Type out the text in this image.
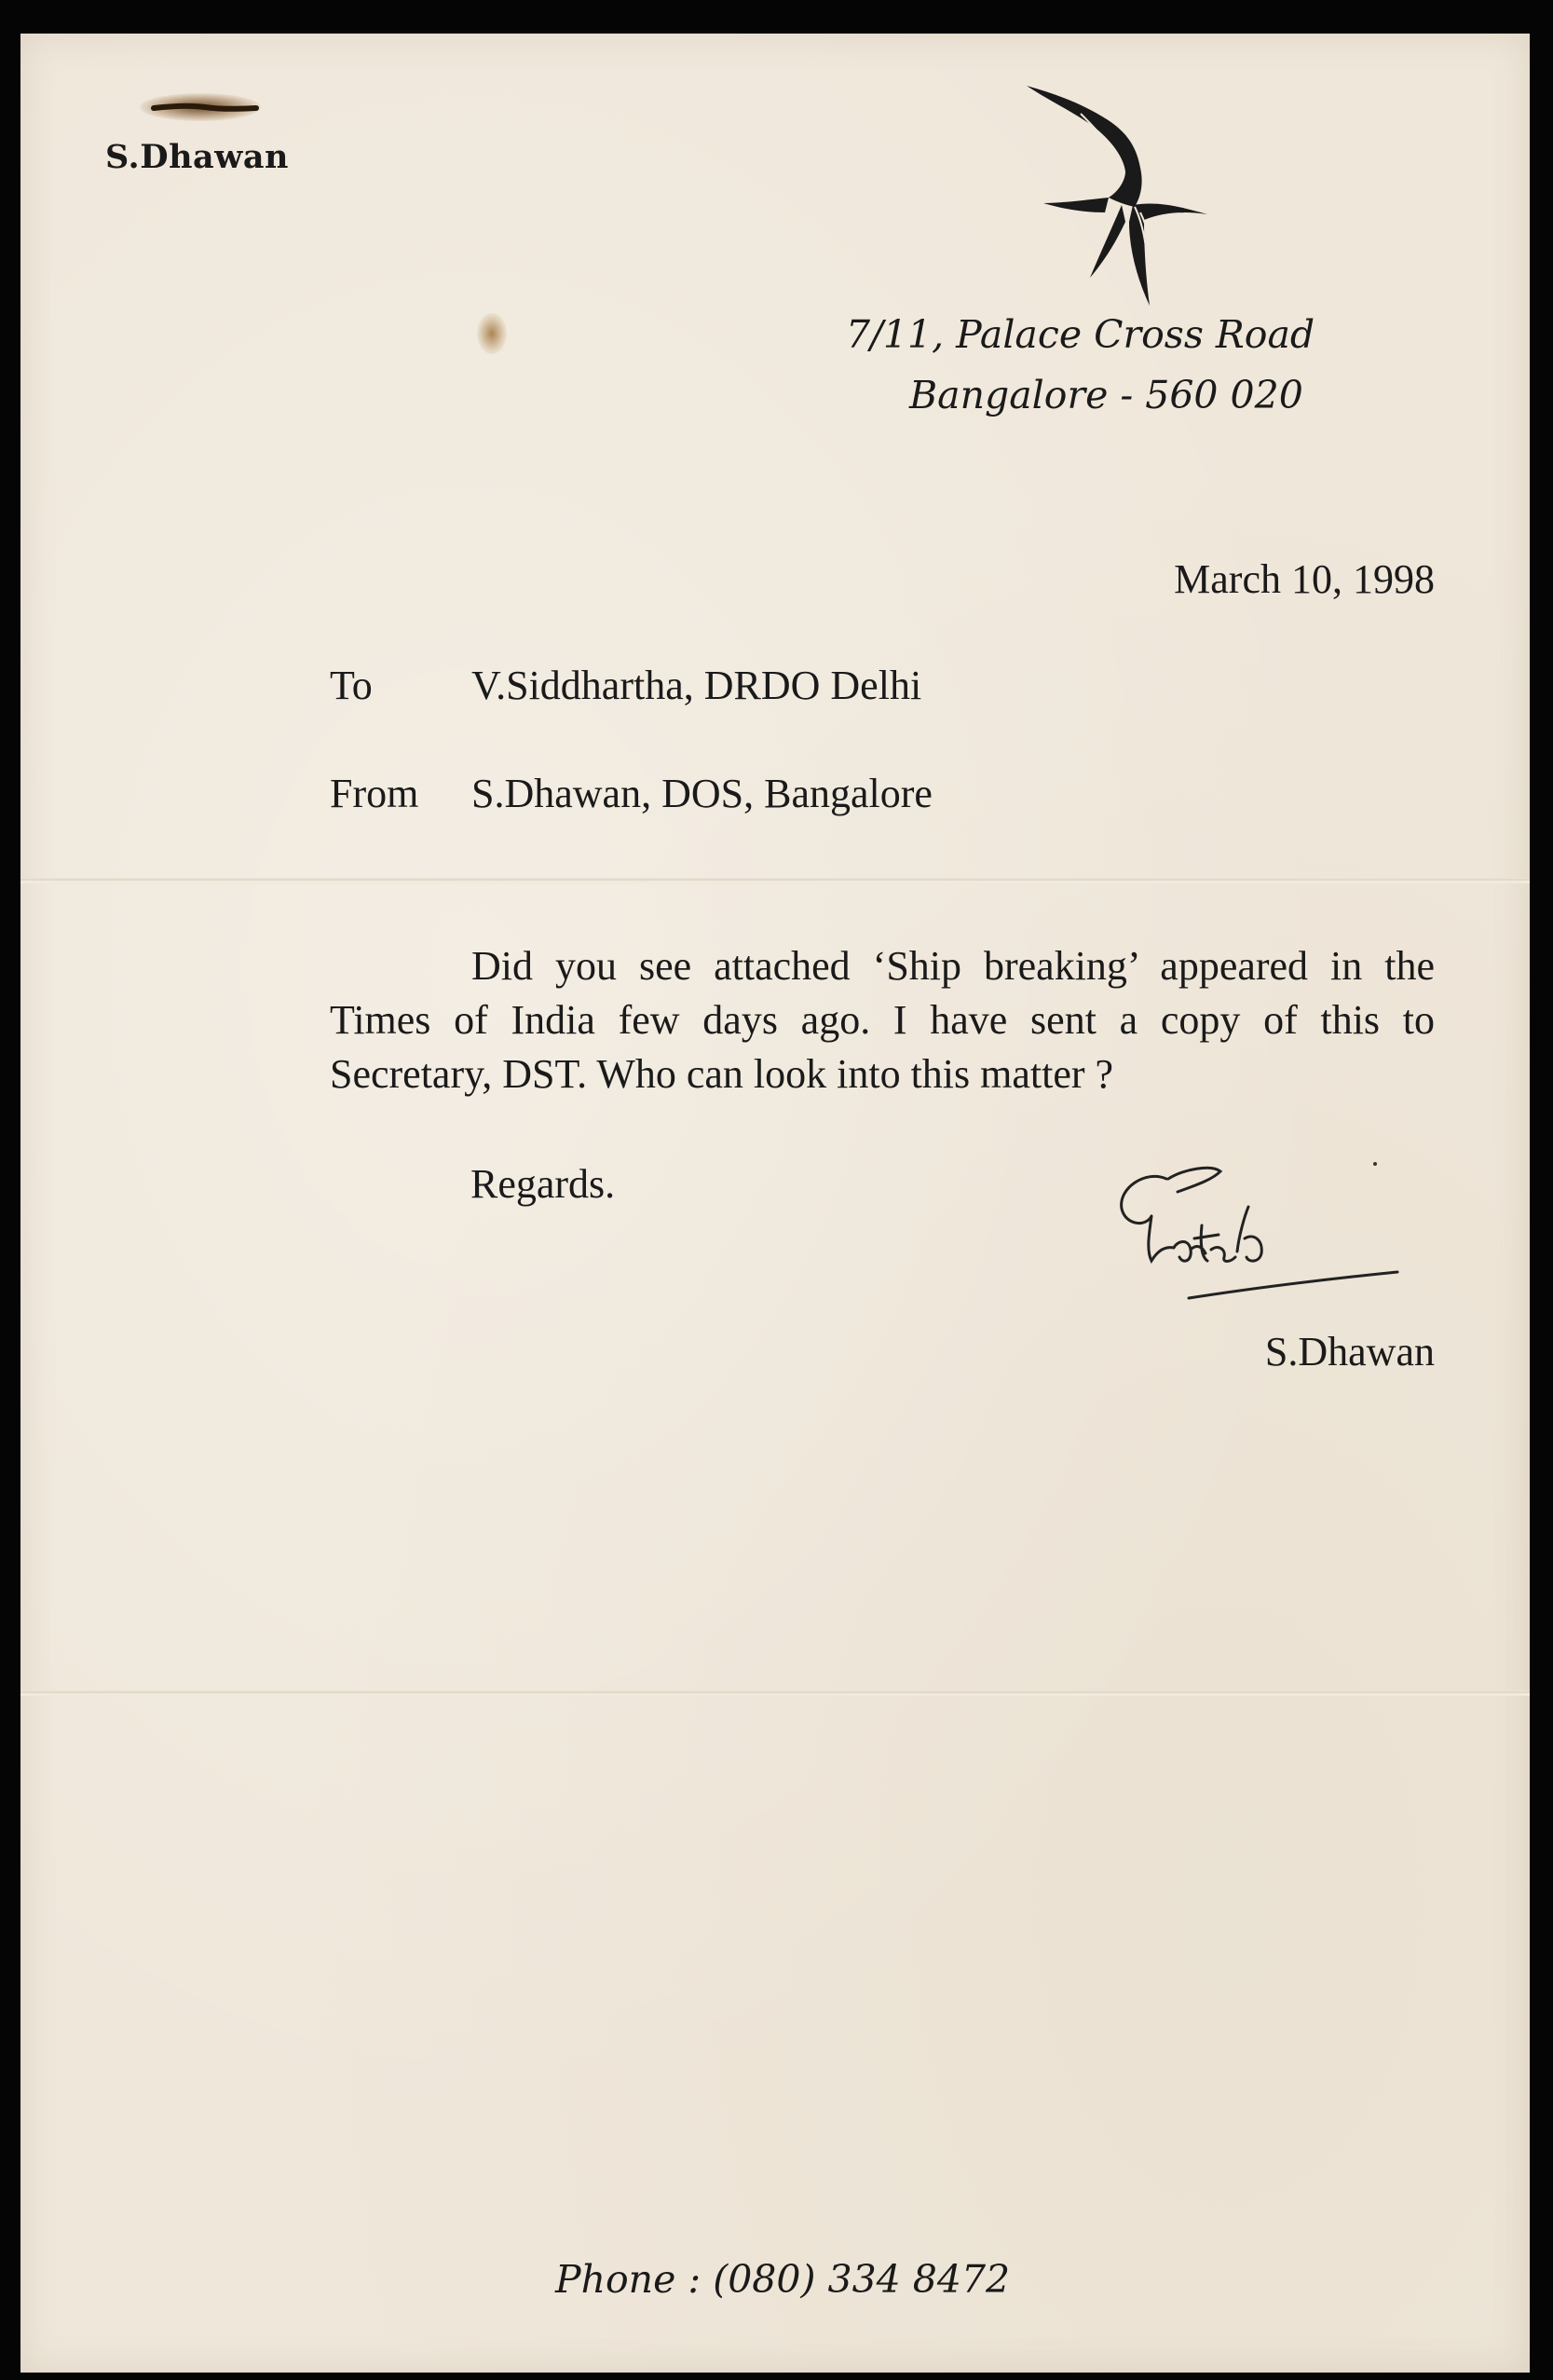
S.Dhawan
7/11, Palace Cross Road
Bangalore - 560 020
March 10, 1998
To V.Siddhartha, DRDO Delhi
From S.Dhawan, DOS, Bangalore
Did you see attached ‘Ship breaking’ appeared in the Times of India few days ago. I have sent a copy of this to Secretary, DST. Who can look into this matter ?
Regards.
S.Dhawan
Phone : (080) 334 8472
